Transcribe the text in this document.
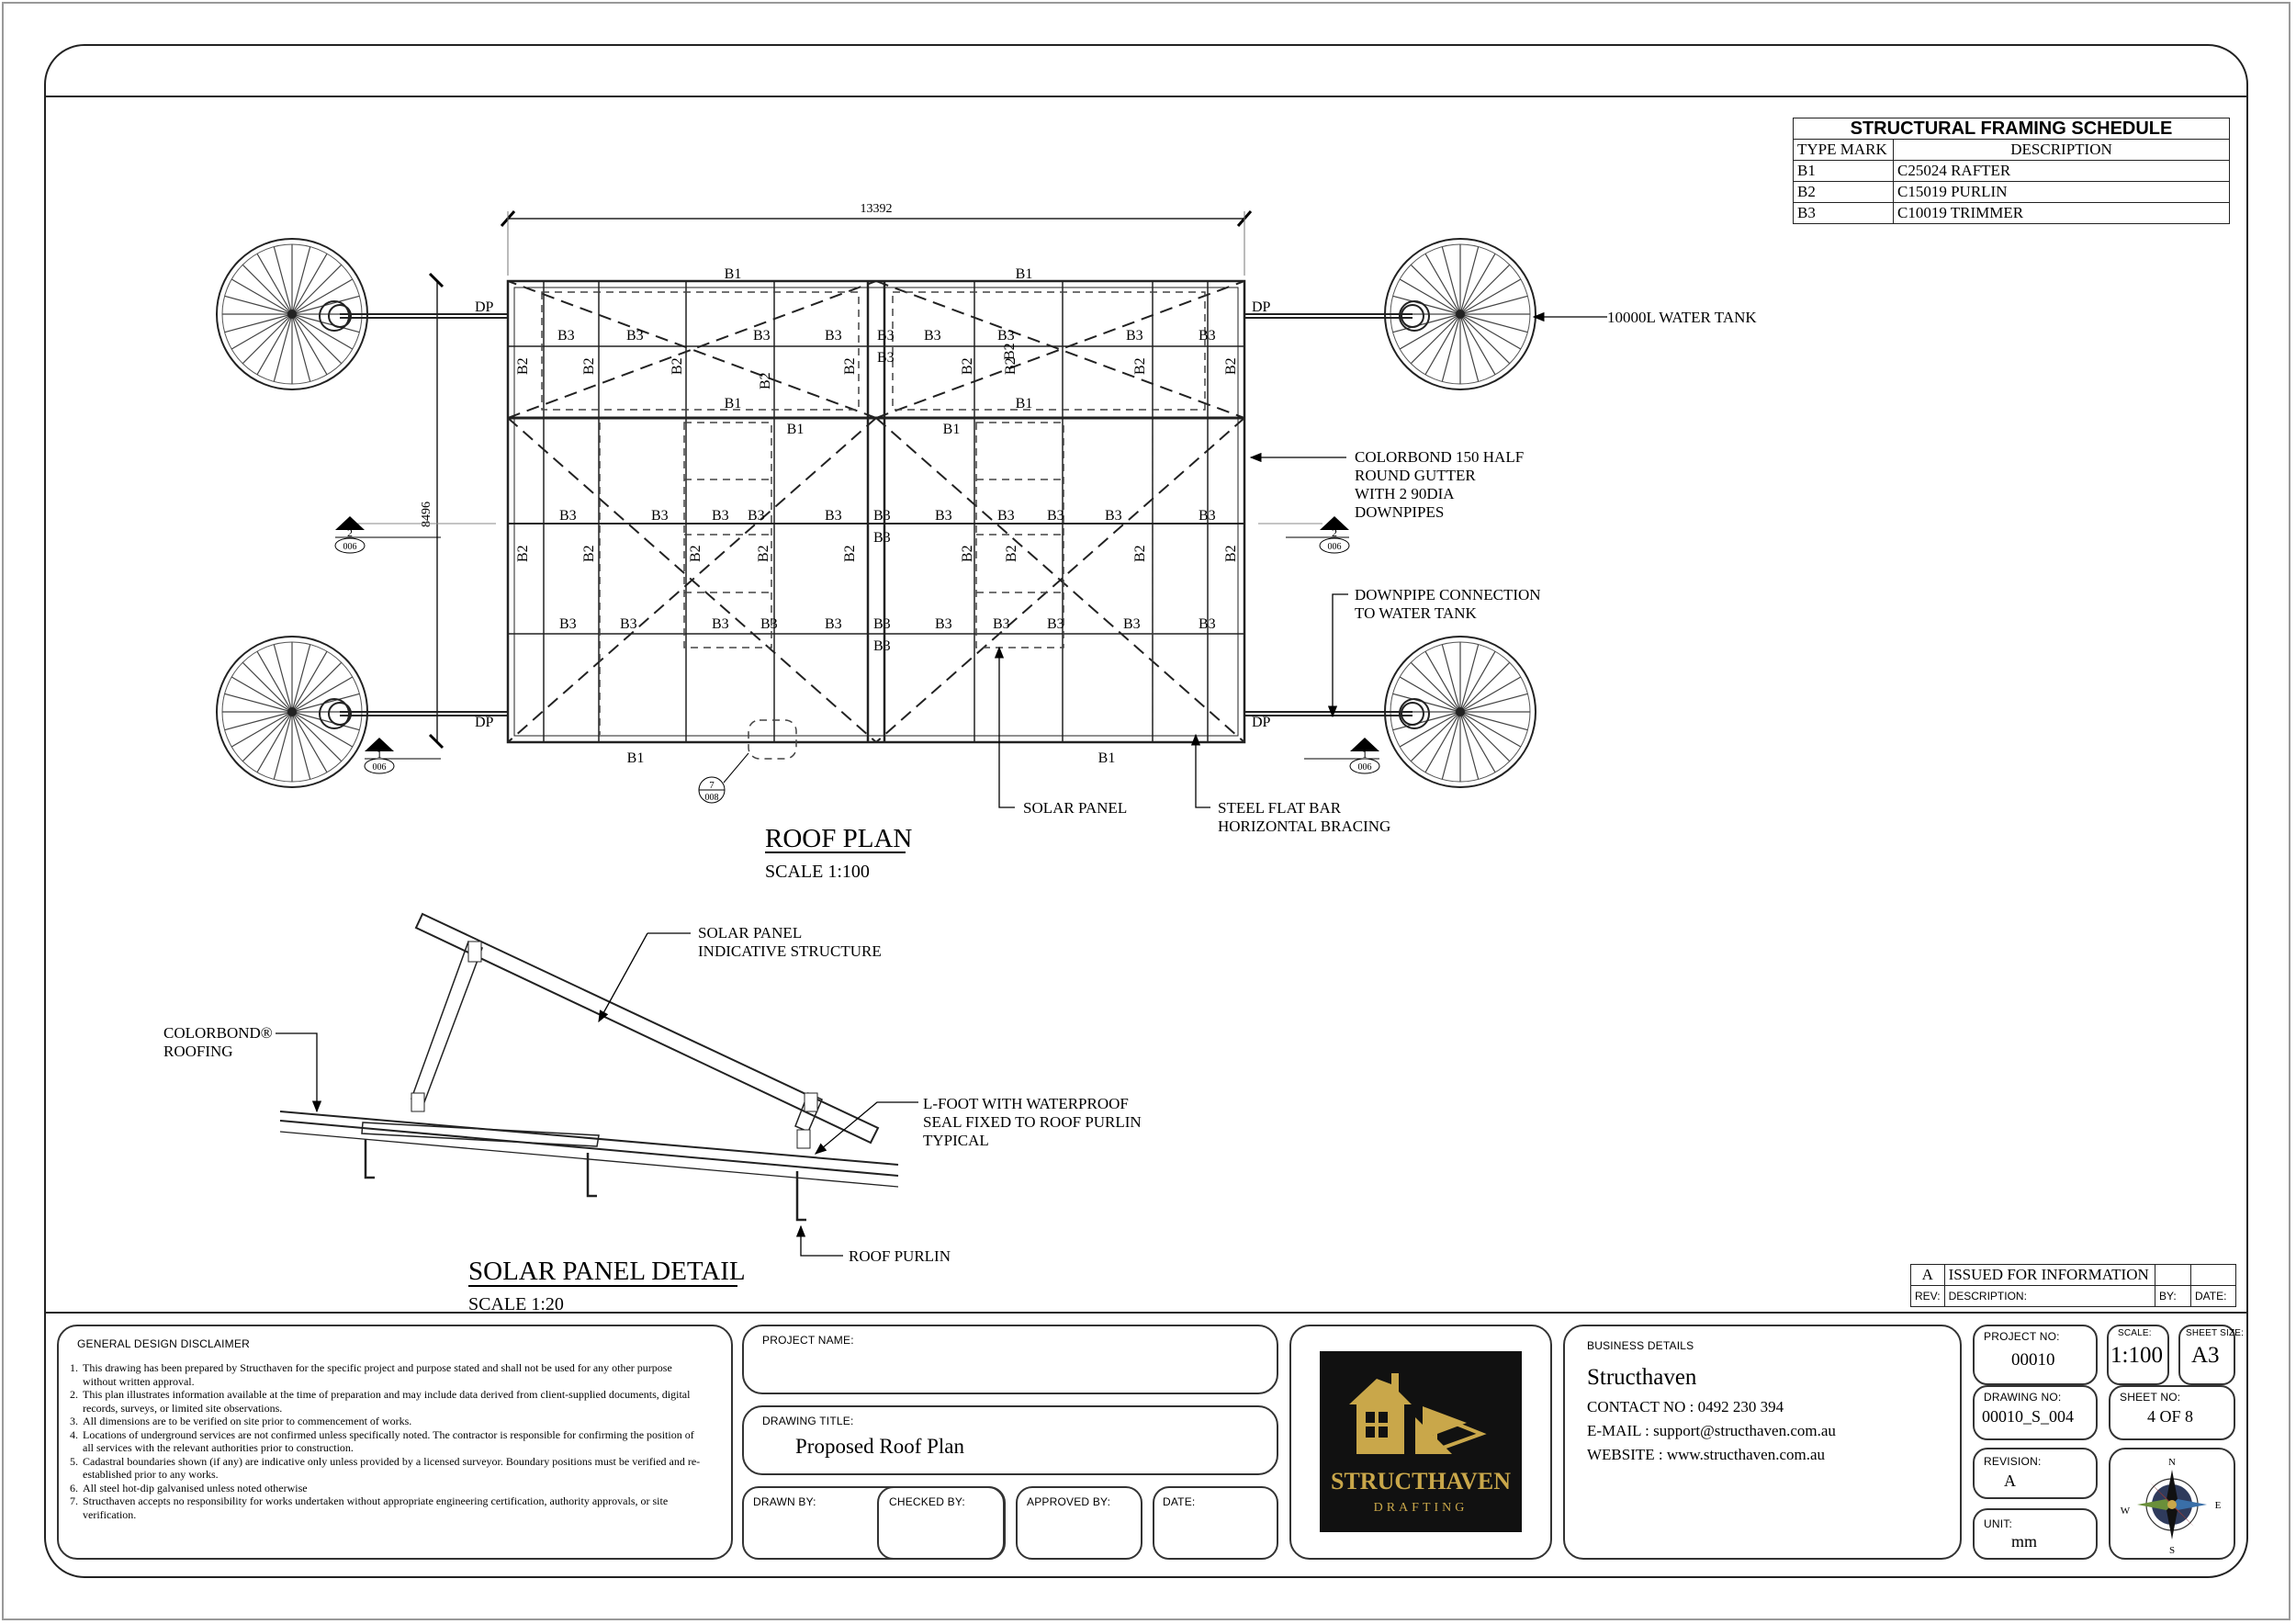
STRUCTURAL FRAMING SCHEDULE	
TYPE MARK	DESCRIPTION
B1	C25024 RAFTER
B2	C15019 PURLIN
B3	C10019 TRIMMER
13392
8496
B1	B1
B1	B1
B1	B1
B1	B1
B3	B3	B3	B3	B3	B3	B3	B3
B3
B3
B3	B3	B3 B3	B3 B3	B3	B3 B3	B3	B3
B3
B3	B3	B3 B3	B3 B3	B3	B3	B3	B3	B3
B3
B2	B2	B2
B2
B2	B2 B2	B2	B2
B2	B2	B2	B2	B2	B2 B2	B2	B2
B2
DP
DP
DP
DP
2
006
2
006
1
006
1
006
7
008
10000L WATER TANK
COLORBOND 150 HALF
ROUND GUTTER
WITH 2 90DIA
DOWNPIPES
DOWNPIPE CONNECTION
TO WATER TANK
SOLAR PANEL	STEEL FLAT BAR
HORIZONTAL BRACING
ROOF PLAN
SCALE 1:100
SOLAR PANEL
INDICATIVE STRUCTURE
COLORBOND®
ROOFING
L-FOOT WITH WATERPROOF
SEAL FIXED TO ROOF PURLIN
TYPICAL
ROOF PURLIN
SOLAR PANEL DETAIL
SCALE 1:20
A	ISSUED FOR INFORMATION		
REV:	DESCRIPTION:	BY:	DATE:
GENERAL DESIGN DISCLAIMER
1. This drawing has been prepared by Structhaven for the specific project and purpose stated and shall not be used for any other purpose without written approval.
2. This plan illustrates information available at the time of preparation and may include data derived from client-supplied documents, digital records, surveys, or limited site observations.
3. All dimensions are to be verified on site prior to commencement of works.
4. Locations of underground services are not confirmed unless specifically noted. The contractor is responsible for confirming the position of all services with the relevant authorities prior to construction.
5. Cadastral boundaries shown (if any) are indicative only unless provided by a licensed surveyor. Boundary positions must be verified and re-established prior to any works.
6. All steel hot-dip galvanised unless noted otherwise
7. Structhaven accepts no responsibility for works undertaken without appropriate engineering certification, authority approvals, or site verification.
PROJECT NAME:
DRAWING TITLE:
Proposed Roof Plan
DRAWN BY:	CHECKED BY:	APPROVED BY:	DATE:
STRUCTHAVEN
DRAFTING
BUSINESS DETAILS
Structhaven
CONTACT NO : 0492 230 394
E-MAIL : support@structhaven.com.au
WEBSITE : www.structhaven.com.au
PROJECT NO:
00010
SCALE:
1:100
SHEET SIZE:
A3
DRAWING NO:
00010_S_004
SHEET NO:
4 OF 8
REVISION:
A
UNIT:
mm
N
S
E
W
